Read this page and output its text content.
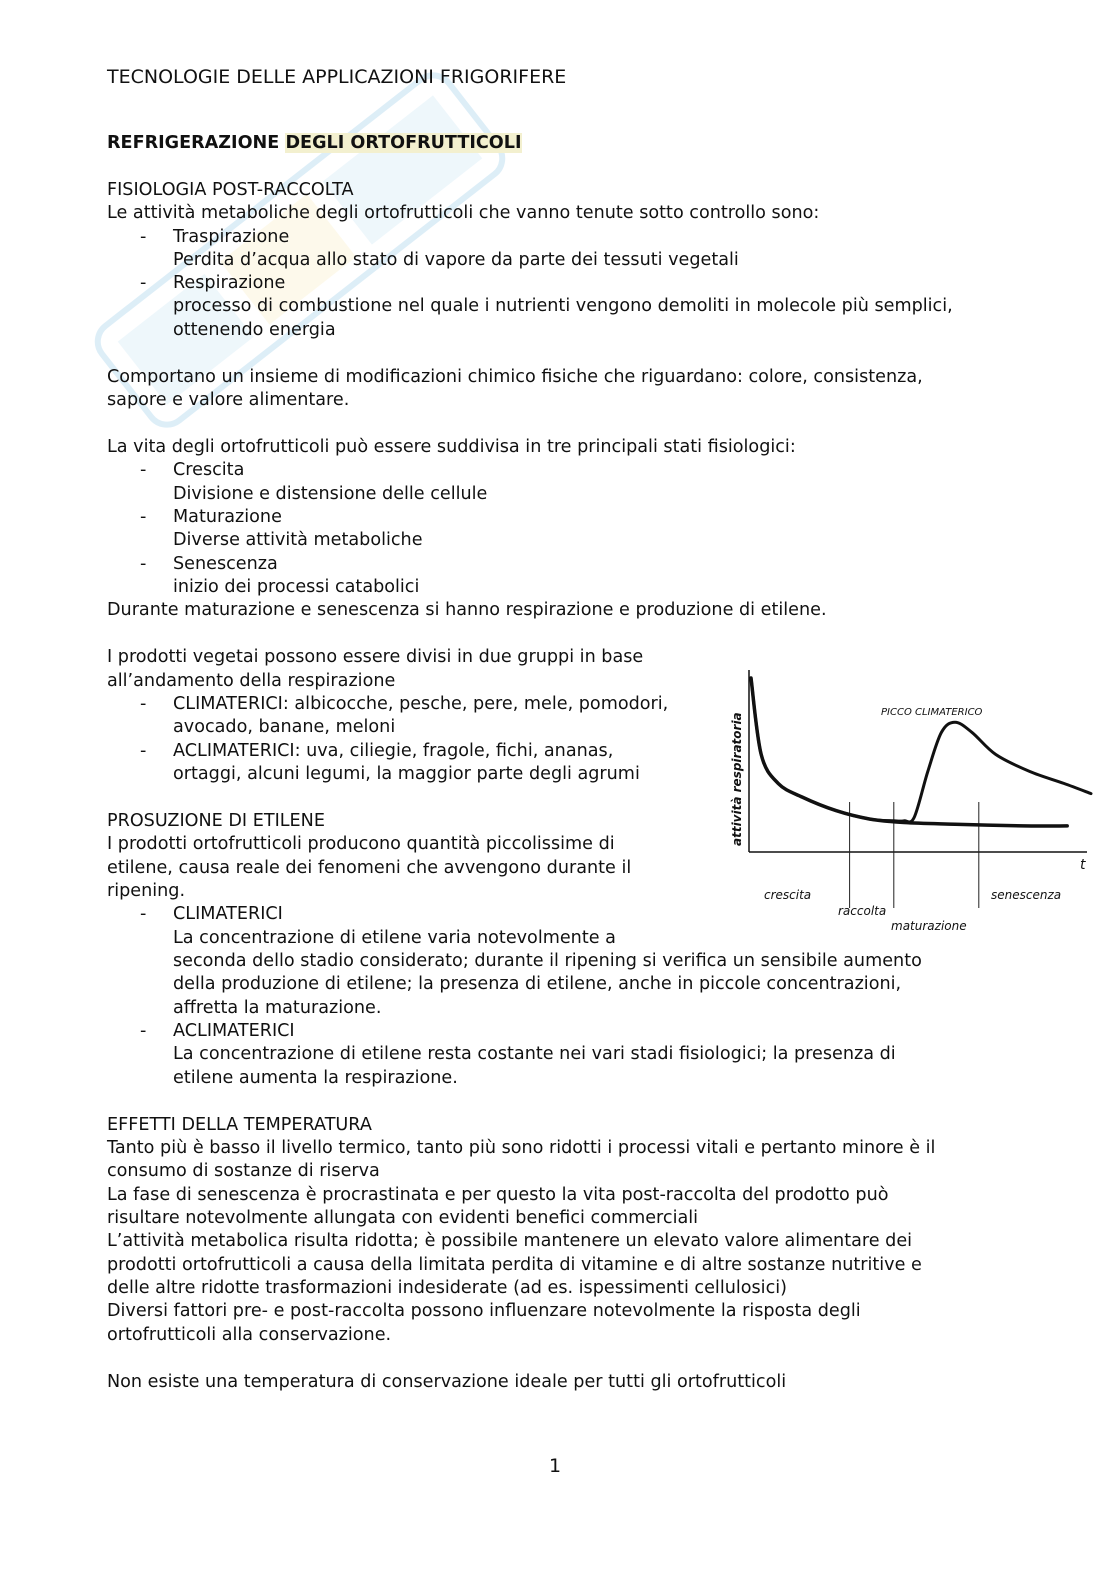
TECNOLOGIE DELLE APPLICAZIONI FRIGORIFERE
REFRIGERAZIONE DEGLI ORTOFRUTTICOLI
FISIOLOGIA POST-RACCOLTA
Le attività metaboliche degli ortofrutticoli che vanno tenute sotto controllo sono:
- Traspirazione
Perdita d’acqua allo stato di vapore da parte dei tessuti vegetali
- Respirazione
processo di combustione nel quale i nutrienti vengono demoliti in molecole più semplici,
ottenendo energia
Comportano un insieme di modificazioni chimico fisiche che riguardano: colore, consistenza,
sapore e valore alimentare.
La vita degli ortofrutticoli può essere suddivisa in tre principali stati fisiologici:
- Crescita
Divisione e distensione delle cellule
- Maturazione
Diverse attività metaboliche
- Senescenza
inizio dei processi catabolici
Durante maturazione e senescenza si hanno respirazione e produzione di etilene.
I prodotti vegetai possono essere divisi in due gruppi in base
all’andamento della respirazione
- CLIMATERICI: albicocche, pesche, pere, mele, pomodori,
avocado, banane, meloni
- ACLIMATERICI: uva, ciliegie, fragole, fichi, ananas,
ortaggi, alcuni legumi, la maggior parte degli agrumi
PROSUZIONE DI ETILENE
I prodotti ortofrutticoli producono quantità piccolissime di
etilene, causa reale dei fenomeni che avvengono durante il
ripening.
- CLIMATERICI
La concentrazione di etilene varia notevolmente a
seconda dello stadio considerato; durante il ripening si verifica un sensibile aumento
della produzione di etilene; la presenza di etilene, anche in piccole concentrazioni,
affretta la maturazione.
- ACLIMATERICI
La concentrazione di etilene resta costante nei vari stadi fisiologici; la presenza di
etilene aumenta la respirazione.
EFFETTI DELLA TEMPERATURA
Tanto più è basso il livello termico, tanto più sono ridotti i processi vitali e pertanto minore è il
consumo di sostanze di riserva
La fase di senescenza è procrastinata e per questo la vita post-raccolta del prodotto può
risultare notevolmente allungata con evidenti benefici commerciali
L’attività metabolica risulta ridotta; è possibile mantenere un elevato valore alimentare dei
prodotti ortofrutticoli a causa della limitata perdita di vitamine e di altre sostanze nutritive e
delle altre ridotte trasformazioni indesiderate (ad es. ispessimenti cellulosici)
Diversi fattori pre- e post-raccolta possono influenzare notevolmente la risposta degli
ortofrutticoli alla conservazione.
Non esiste una temperatura di conservazione ideale per tutti gli ortofrutticoli
attività respiratoria
t
PICCO CLIMATERICO
crescita
raccolta
maturazione
senescenza
1
